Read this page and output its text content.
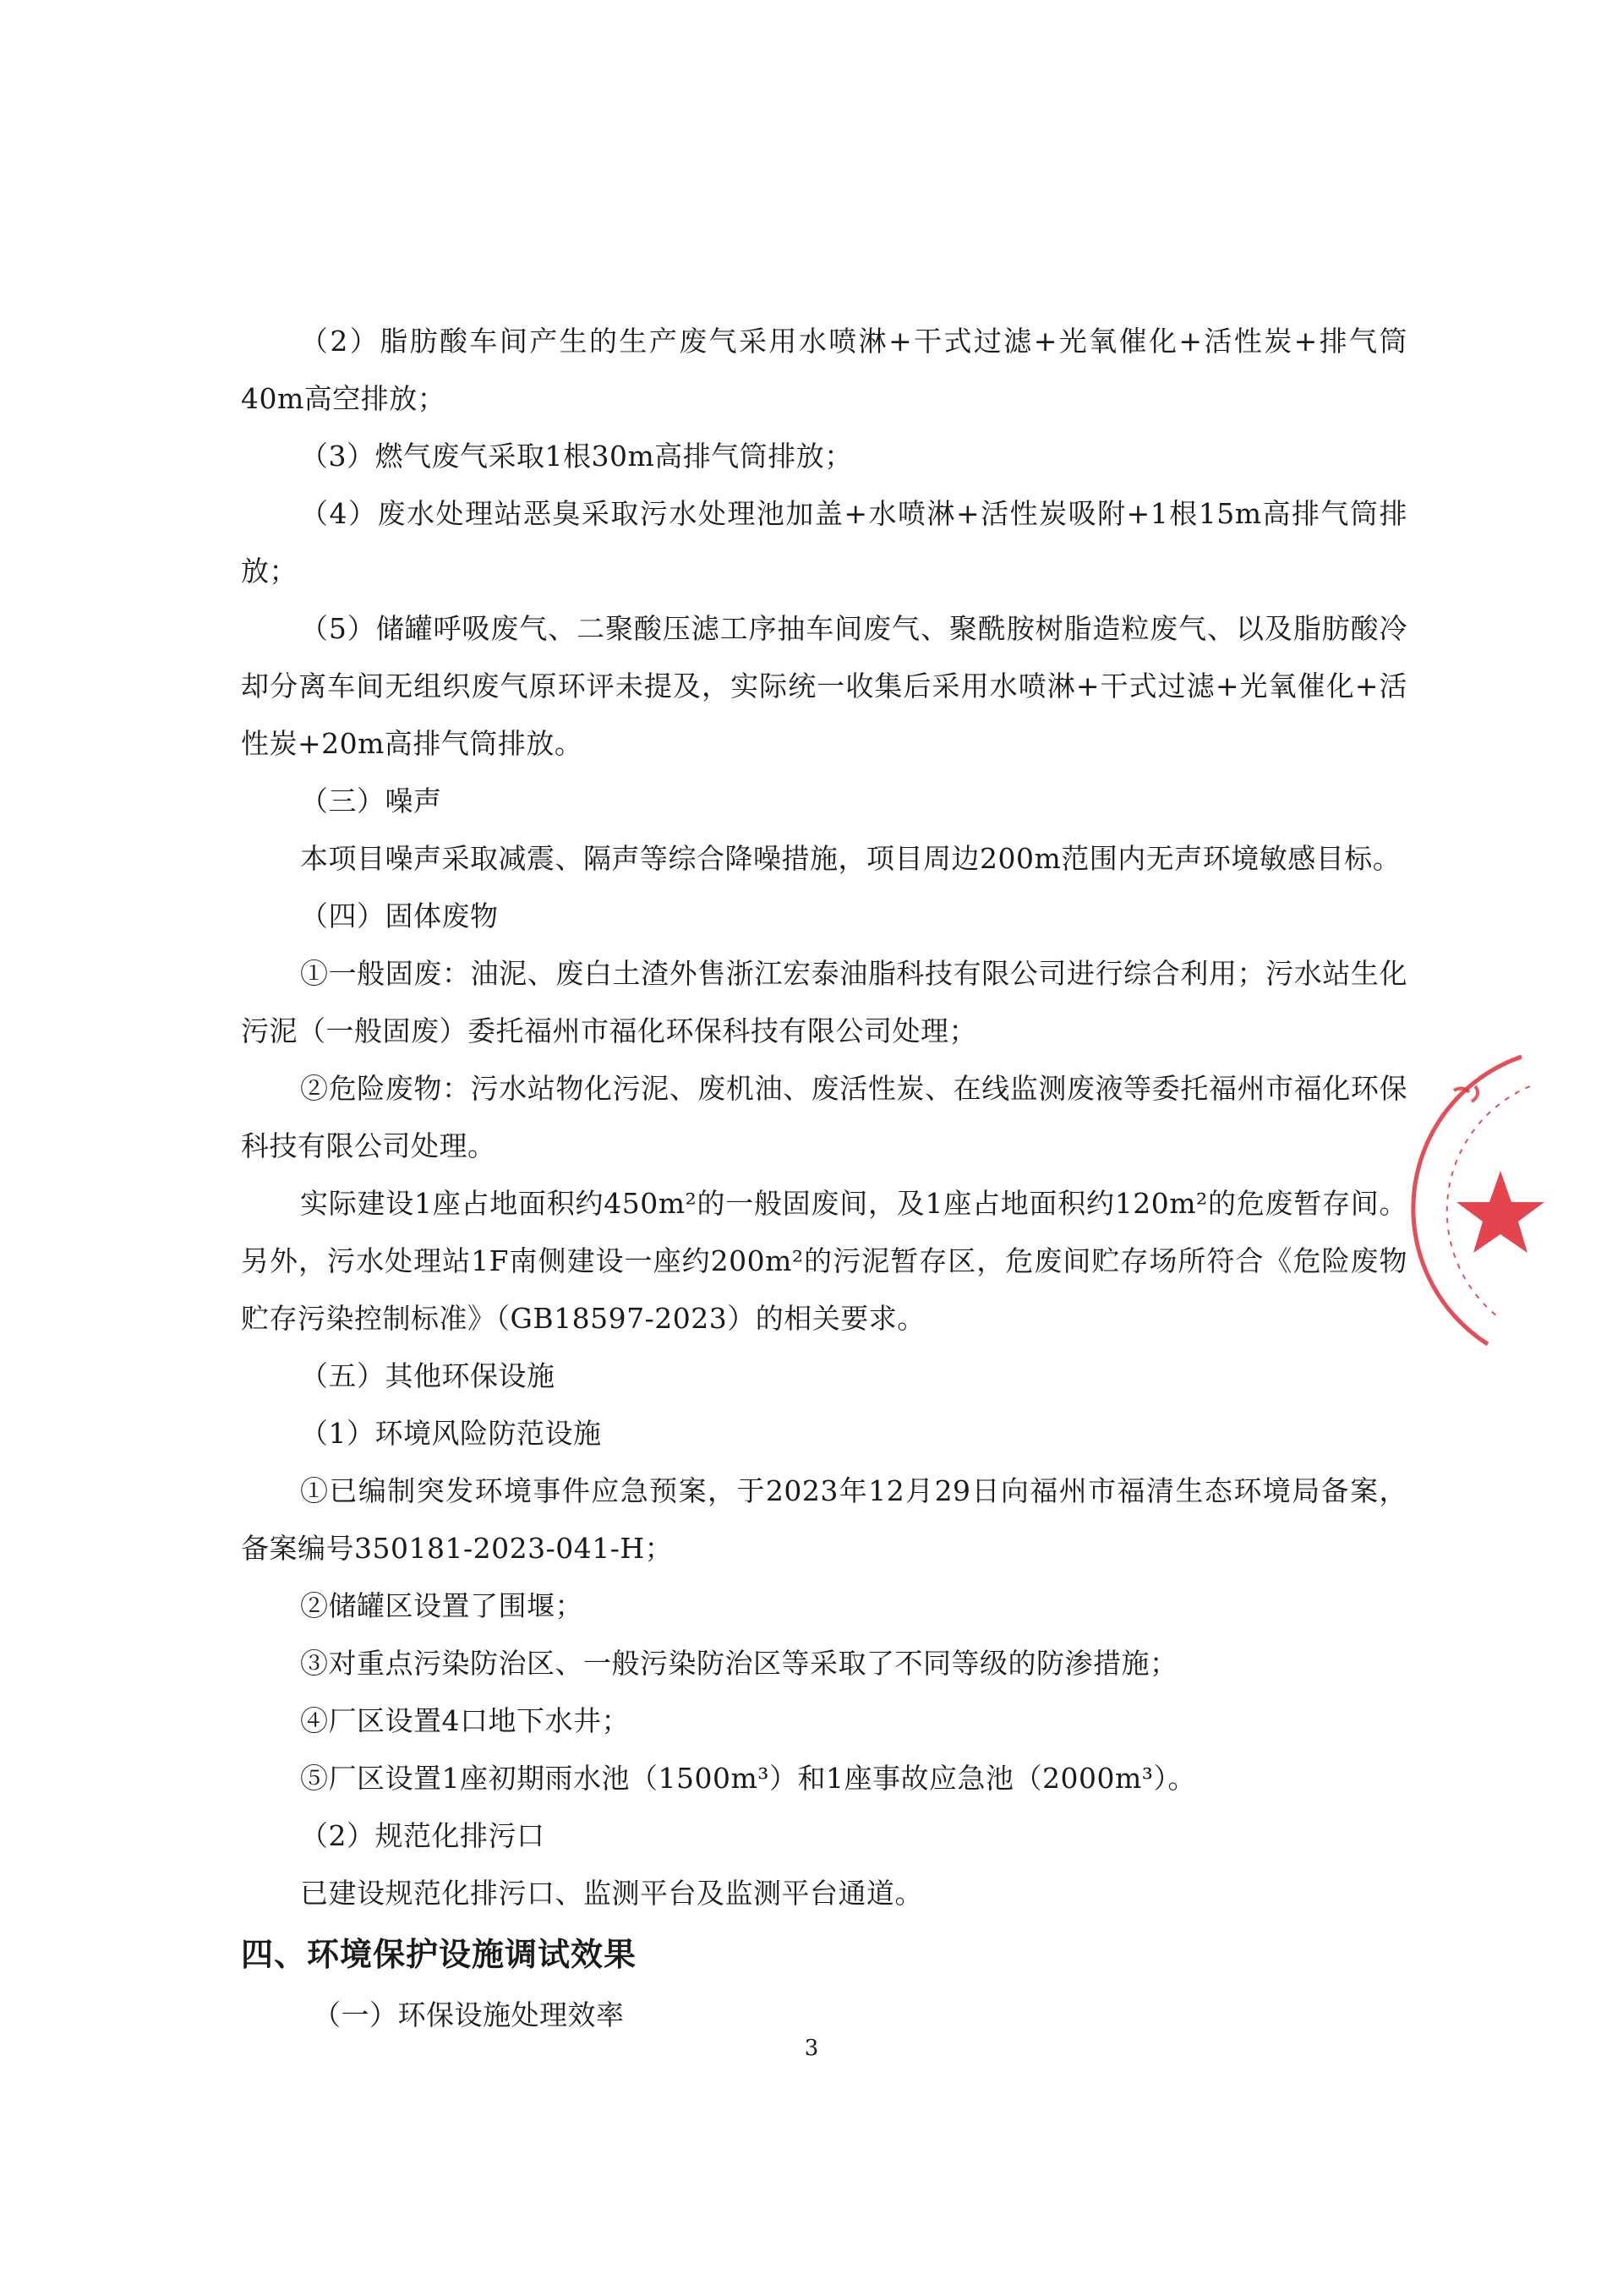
（2）脂肪酸车间产生的生产废气采用水喷淋+干式过滤+光氧催化+活性炭+排气筒40m高空排放；

（3）燃气废气采取1根30m高排气筒排放；

（4）废水处理站恶臭采取污水处理池加盖+水喷淋+活性炭吸附+1根15m高排气筒排放；

（5）储罐呼吸废气、二聚酸压滤工序抽车间废气、聚酰胺树脂造粒废气、以及脂肪酸冷却分离车间无组织废气原环评未提及，实际统一收集后采用水喷淋+干式过滤+光氧催化+活性炭+20m高排气筒排放。

（三）噪声

本项目噪声采取减震、隔声等综合降噪措施，项目周边200m范围内无声环境敏感目标。

（四）固体废物

①一般固废：油泥、废白土渣外售浙江宏泰油脂科技有限公司进行综合利用；污水站生化污泥（一般固废）委托福州市福化环保科技有限公司处理；

②危险废物：污水站物化污泥、废机油、废活性炭、在线监测废液等委托福州市福化环保科技有限公司处理。

实际建设1座占地面积约450m²的一般固废间，及1座占地面积约120m²的危废暂存间。另外，污水处理站1F南侧建设一座约200m²的污泥暂存区，危废间贮存场所符合《危险废物贮存污染控制标准》（GB18597-2023）的相关要求。

（五）其他环保设施

（1）环境风险防范设施

①已编制突发环境事件应急预案，于2023年12月29日向福州市福清生态环境局备案，备案编号350181-2023-041-H；

②储罐区设置了围堰；

③对重点污染防治区、一般污染防治区等采取了不同等级的防渗措施；

④厂区设置4口地下水井；

⑤厂区设置1座初期雨水池（1500m³）和1座事故应急池（2000m³）。

（2）规范化排污口

已建设规范化排污口、监测平台及监测平台通道。

四、环境保护设施调试效果

（一）环保设施处理效率

3
